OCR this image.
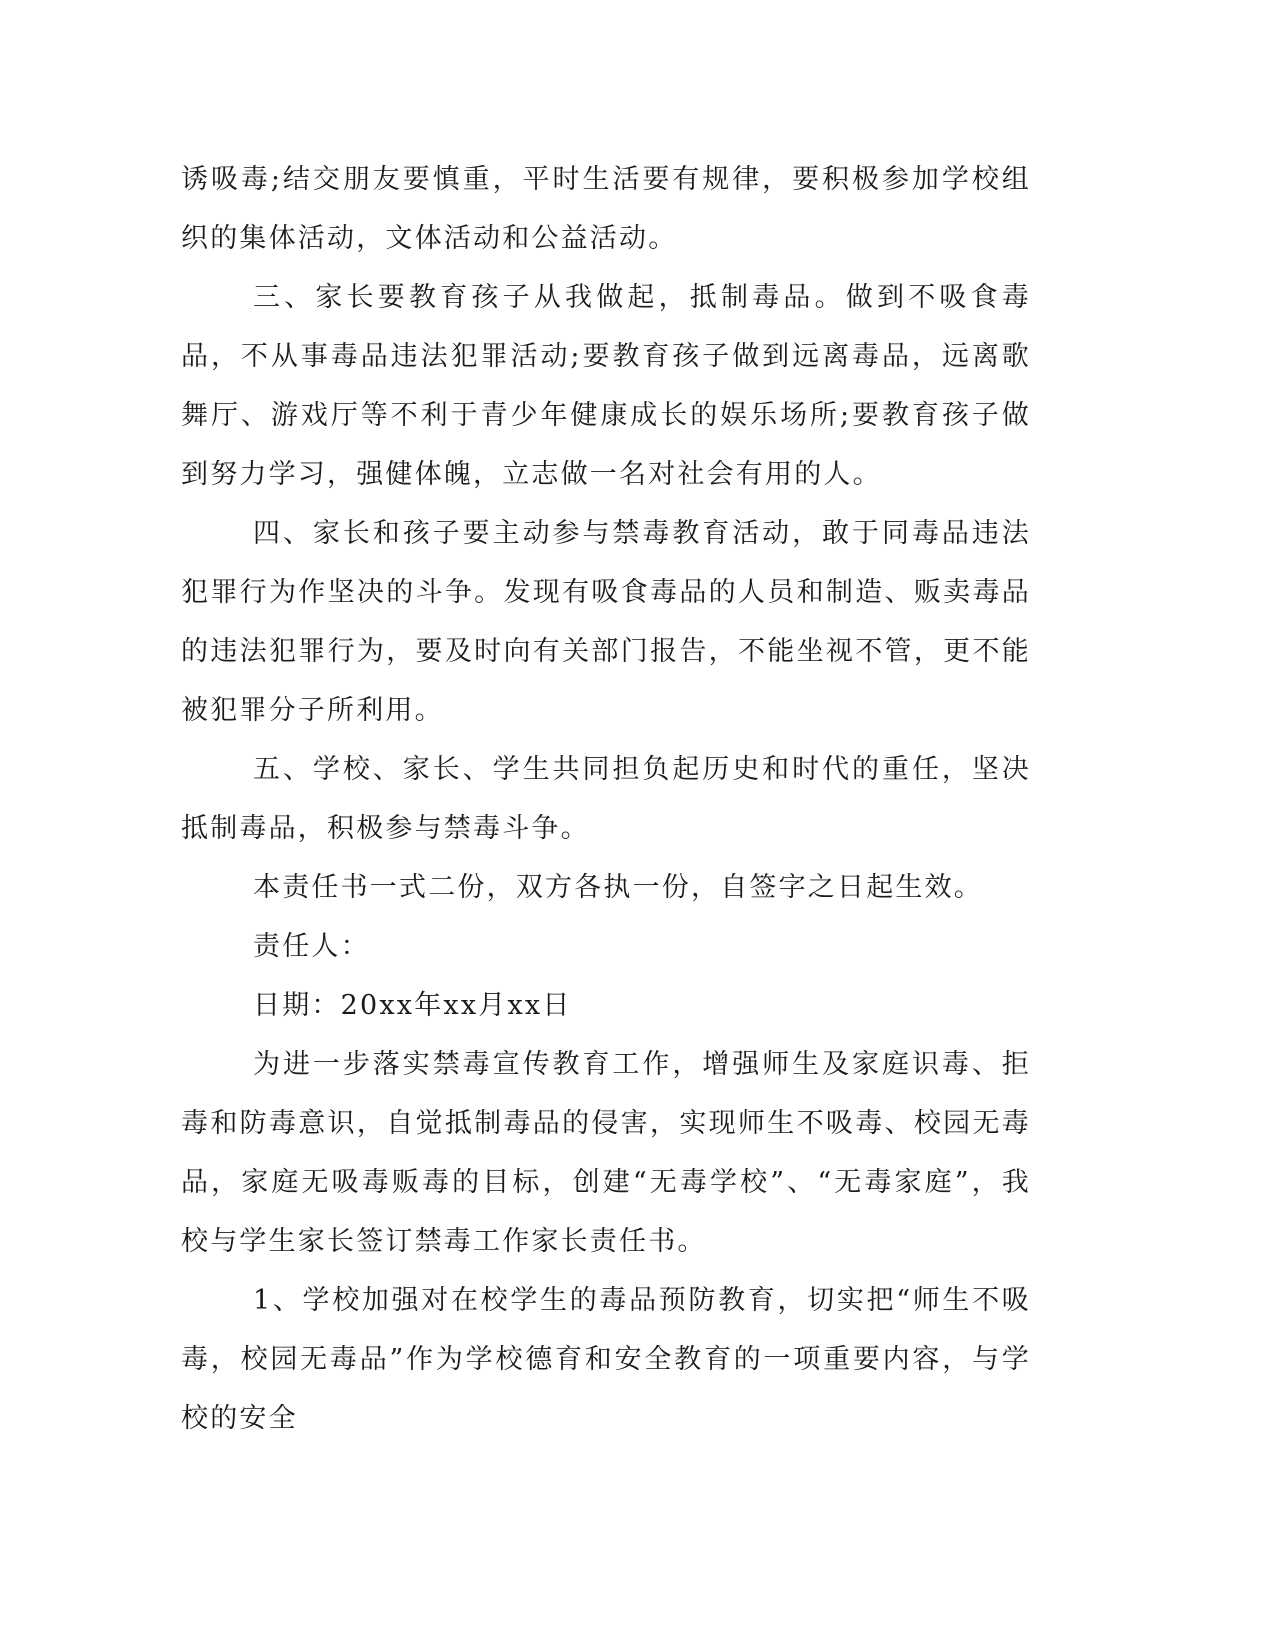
诱吸毒;结交朋友要慎重，平时生活要有规律，要积极参加学校组织的集体活动，文体活动和公益活动。

三、家长要教育孩子从我做起，抵制毒品。做到不吸食毒品，不从事毒品违法犯罪活动;要教育孩子做到远离毒品，远离歌舞厅、游戏厅等不利于青少年健康成长的娱乐场所;要教育孩子做到努力学习，强健体魄，立志做一名对社会有用的人。

四、家长和孩子要主动参与禁毒教育活动，敢于同毒品违法犯罪行为作坚决的斗争。发现有吸食毒品的人员和制造、贩卖毒品的违法犯罪行为，要及时向有关部门报告，不能坐视不管，更不能被犯罪分子所利用。

五、学校、家长、学生共同担负起历史和时代的重任，坚决抵制毒品，积极参与禁毒斗争。

本责任书一式二份，双方各执一份，自签字之日起生效。

责任人：

日期：20xx年xx月xx日

为进一步落实禁毒宣传教育工作，增强师生及家庭识毒、拒毒和防毒意识，自觉抵制毒品的侵害，实现师生不吸毒、校园无毒品，家庭无吸毒贩毒的目标，创建“无毒学校”、“无毒家庭”，我校与学生家长签订禁毒工作家长责任书。

1、学校加强对在校学生的毒品预防教育，切实把“师生不吸毒，校园无毒品”作为学校德育和安全教育的一项重要内容，与学校的安全
